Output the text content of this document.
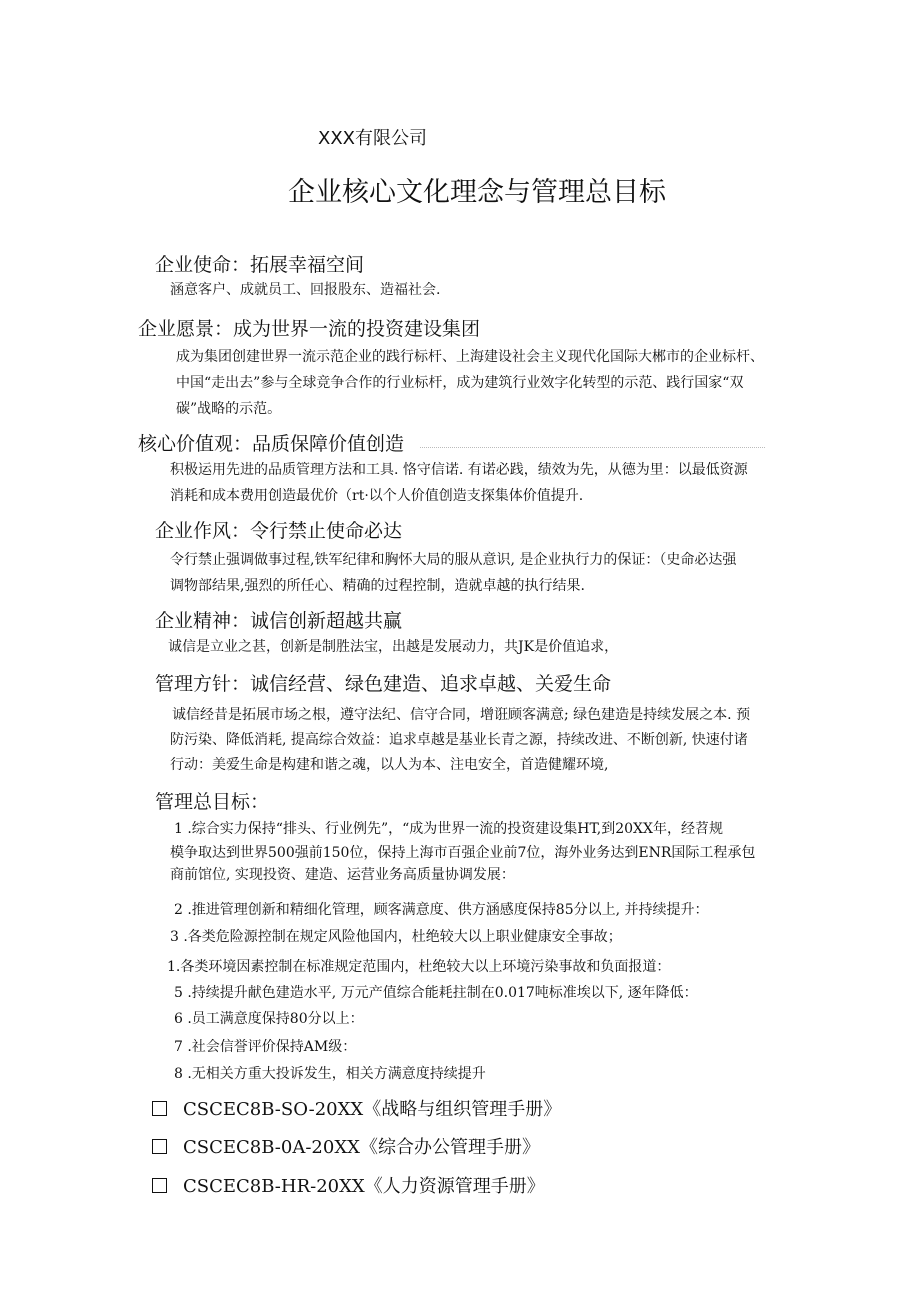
XXX有限公司
企业核心文化理念与管理总目标
企业使命：拓展幸福空间
涵意客户、成就员工、回报股东、造福社会.
企业愿景：成为世界一流的投资建设集团
成为集团创建世界一流示范企业的践行标杆、上海建设社会主义现代化国际大郴市的企业标杆、
中国“走出去”参与全球竞争合作的行业标杆，成为建筑行业效字化转型的示范、践行国家“双
碳”战略的示范。
核心价值观：品质保障价值创造
积极运用先进的品质管理方法和工具. 恪守信诺. 有诺必践，绩效为先，从德为里：以最低资源
消耗和成本费用创造最优价（rt·以个人价值创造支探集体价值提升.
企业作风：令行禁止使命必达
令行禁止强调做事过程,铁军纪律和胸怀大局的服从意识, 是企业执行力的保证：（史命必达强
调物部结果,强烈的所任心、精确的过程控制，造就卓越的执行结果.
企业精神：诚信创新超越共赢
诚信是立业之甚，创新是制胜法宝，出越是发展动力，共JK是价值追求，
管理方针：诚信经营、绿色建造、追求卓越、关爱生命
诚信经昔是拓展市场之根，遵守法纪、信守合同，增诳顾客满意; 绿色建造是持续发展之本. 预
防污染、降低消耗, 提高综合效益：追求卓越是基业长青之源，持续改进、不断创新, 快速付诸
行动：美爱生命是构建和谐之魂，以人为本、注电安全，首造健耀环境,
管理总目标：
1 .综合实力保持“排头、行业例先”，“成为世界一流的投资建设集HT,到20XX年，经苕规
模争取达到世界500强前150位，保持上海市百强企业前7位，海外业务达到ENR国际工程承包
商前馆位, 实现投资、建造、运营业务高质量协调发展：
2 .推进管理创新和精细化管理，顾客满意度、供方涵感度保持85分以上, 并持续提升：
3 .各类危险源控制在规定风险他国内，杜绝较大以上职业健康安全事故；
1.各类环境因素控制在标准规定范围内，杜绝较大以上环境污染事故和负面报道：
5 .持续提升献色建造水平, 万元产值综合能耗拄制在0.017吨标准埃以下, 逐年降低：
6 .员工满意度保持80分以上：
7 .社会信誉评价保持AM级：
8 .无相关方重大投诉发生，相关方满意度持续提升
CSCEC8B-SO-20XX《战略与组织管理手册》
CSCEC8B-0A-20XX《综合办公管理手册》
CSCEC8B-HR-20XX《人力资源管理手册》
